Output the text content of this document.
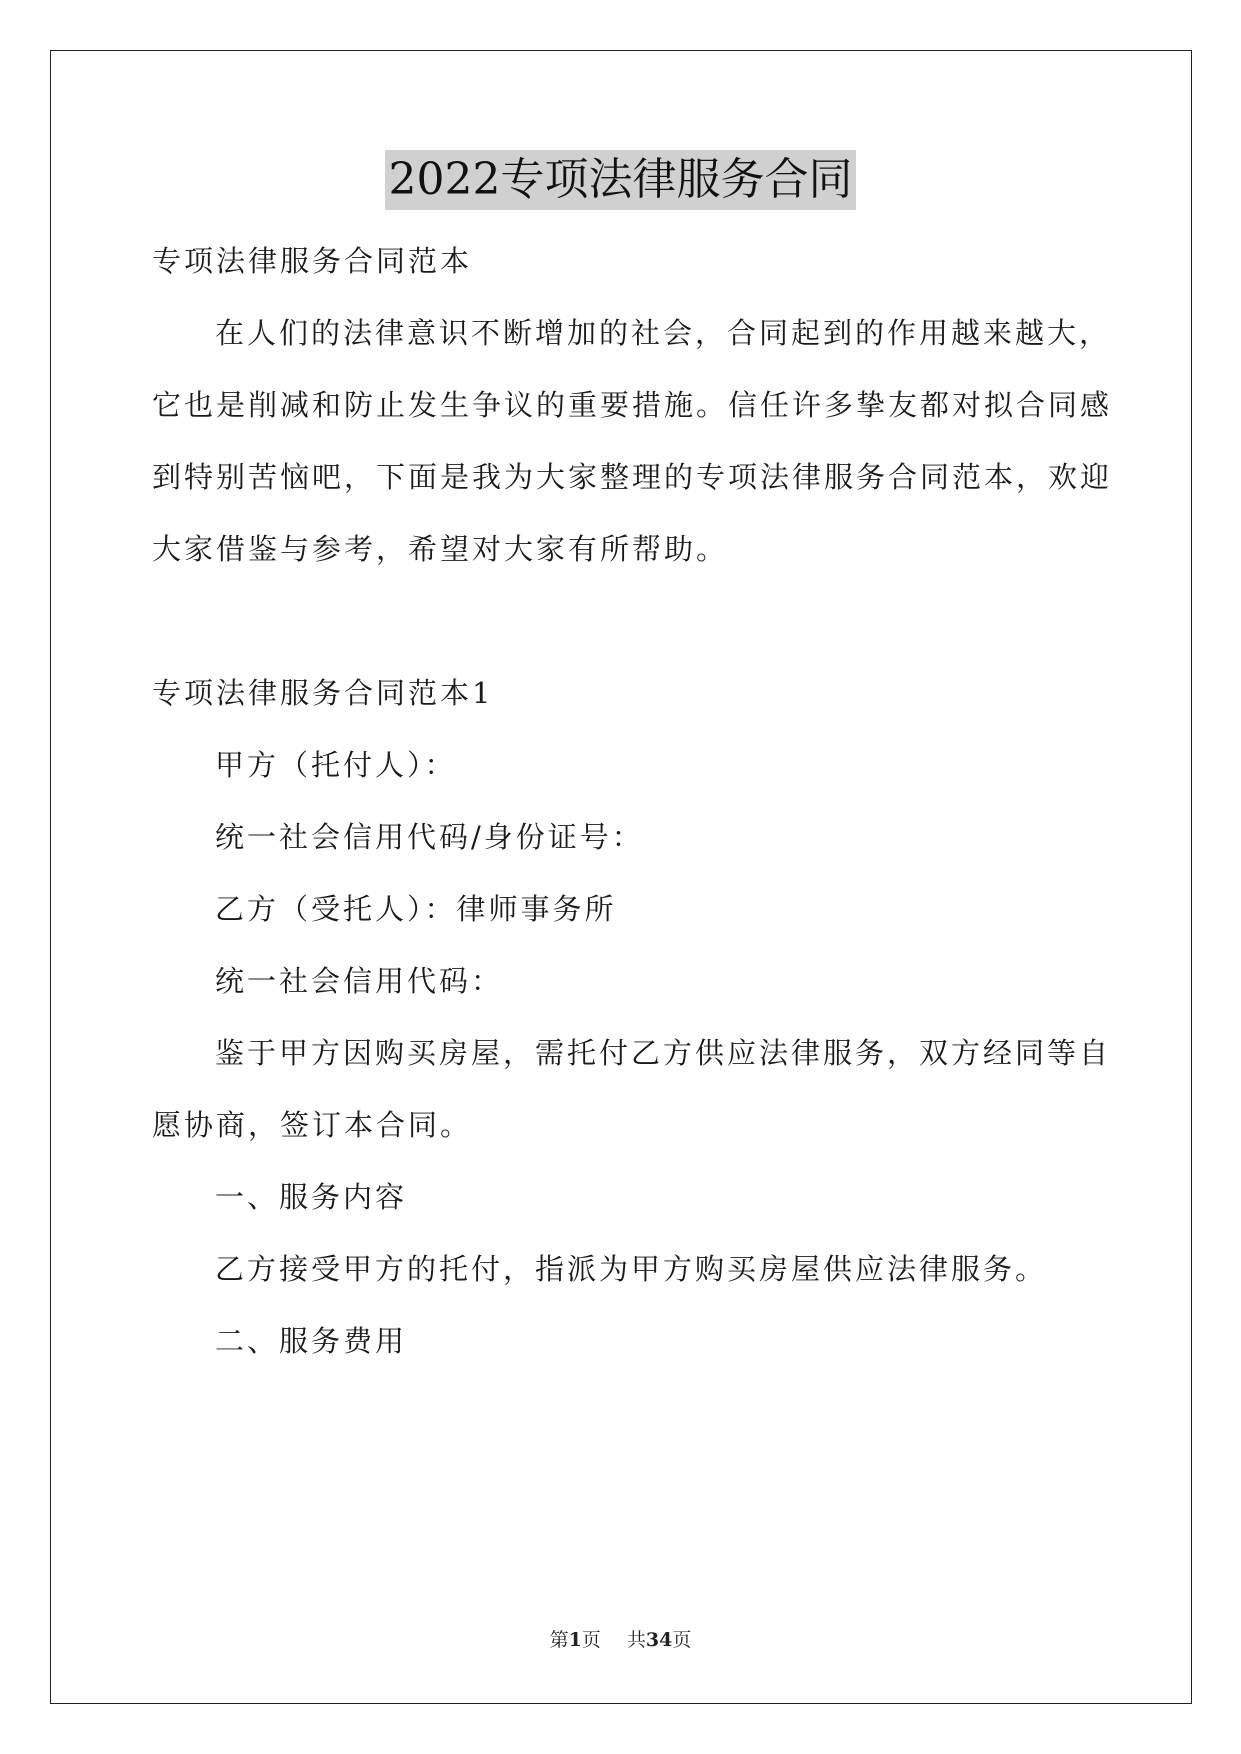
2022专项法律服务合同
专项法律服务合同范本
在人们的法律意识不断增加的社会，合同起到的作用越来越大，
它也是削减和防止发生争议的重要措施。信任许多挚友都对拟合同感
到特别苦恼吧，下面是我为大家整理的专项法律服务合同范本，欢迎
大家借鉴与参考，希望对大家有所帮助。
专项法律服务合同范本1
甲方（托付人）：
统一社会信用代码/身份证号：
乙方（受托人）：律师事务所
统一社会信用代码：
鉴于甲方因购买房屋，需托付乙方供应法律服务，双方经同等自
愿协商，签订本合同。
一、服务内容
乙方接受甲方的托付，指派为甲方购买房屋供应法律服务。
二、服务费用
第1页 共34页
